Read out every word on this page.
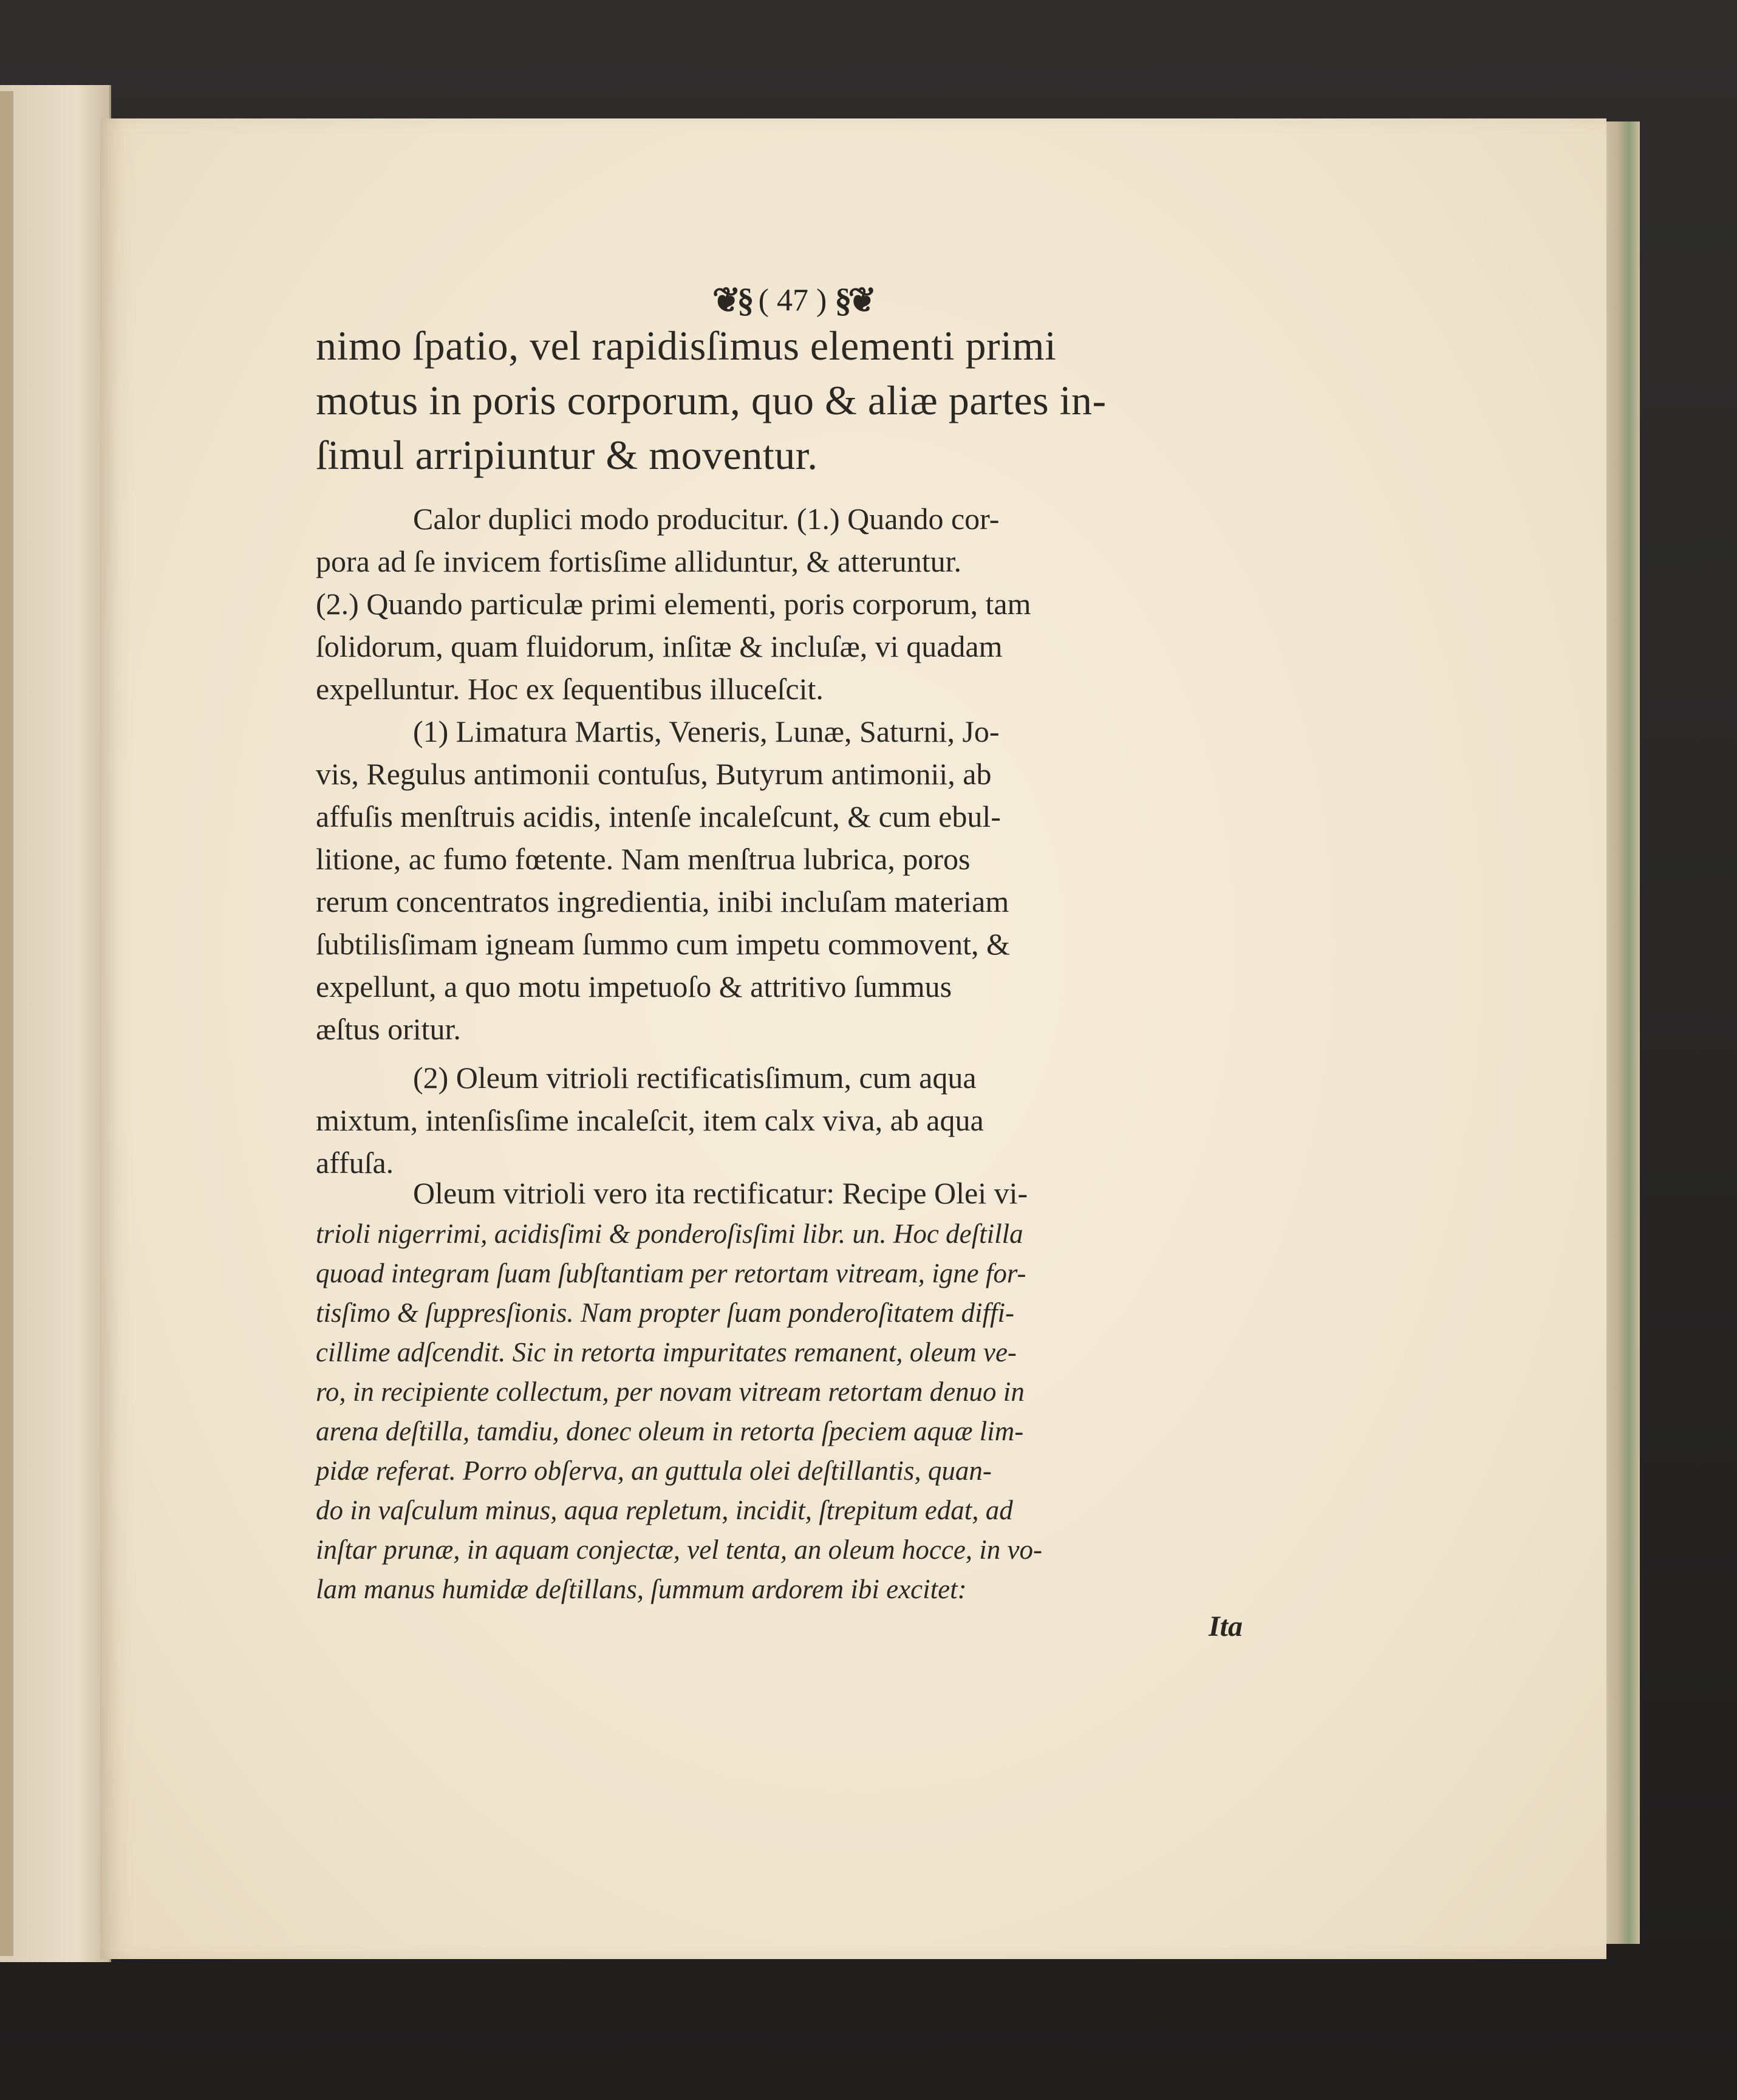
❦§ ( 47 ) §❦
nimo ſpatio, vel rapidisſimus elementi primi
motus in poris corporum, quo & aliæ partes in-
ſimul arripiuntur & moventur.
Calor duplici modo producitur. (1.) Quando cor-
pora ad ſe invicem fortisſime alliduntur, & atteruntur.
(2.) Quando particulæ primi elementi, poris corporum, tam
ſolidorum, quam fluidorum, inſitæ & incluſæ, vi quadam
expelluntur. Hoc ex ſequentibus illuceſcit.
(1) Limatura Martis, Veneris, Lunæ, Saturni, Jo-
vis, Regulus antimonii contuſus, Butyrum antimonii, ab
affuſis menſtruis acidis, intenſe incaleſcunt, & cum ebul-
litione, ac fumo fœtente. Nam menſtrua lubrica, poros
rerum concentratos ingredientia, inibi incluſam materiam
ſubtilisſimam igneam ſummo cum impetu commovent, &
expellunt, a quo motu impetuoſo & attritivo ſummus
æſtus oritur.
(2) Oleum vitrioli rectificatisſimum, cum aqua
mixtum, intenſisſime incaleſcit, item calx viva, ab aqua
affuſa.
Oleum vitrioli vero ita rectificatur: Recipe Olei vi-
trioli nigerrimi, acidisſimi & ponderoſisſimi libr. un. Hoc deſtilla
quoad integram ſuam ſubſtantiam per retortam vitream, igne for-
tisſimo & ſuppresſionis. Nam propter ſuam ponderoſitatem diffi-
cillime adſcendit. Sic in retorta impuritates remanent, oleum ve-
ro, in recipiente collectum, per novam vitream retortam denuo in
arena deſtilla, tamdiu, donec oleum in retorta ſpeciem aquæ lim-
pidæ referat. Porro obſerva, an guttula olei deſtillantis, quan-
do in vaſculum minus, aqua repletum, incidit, ſtrepitum edat, ad
inſtar prunæ, in aquam conjectæ, vel tenta, an oleum hocce, in vo-
lam manus humidæ deſtillans, ſummum ardorem ibi excitet:
Ita
